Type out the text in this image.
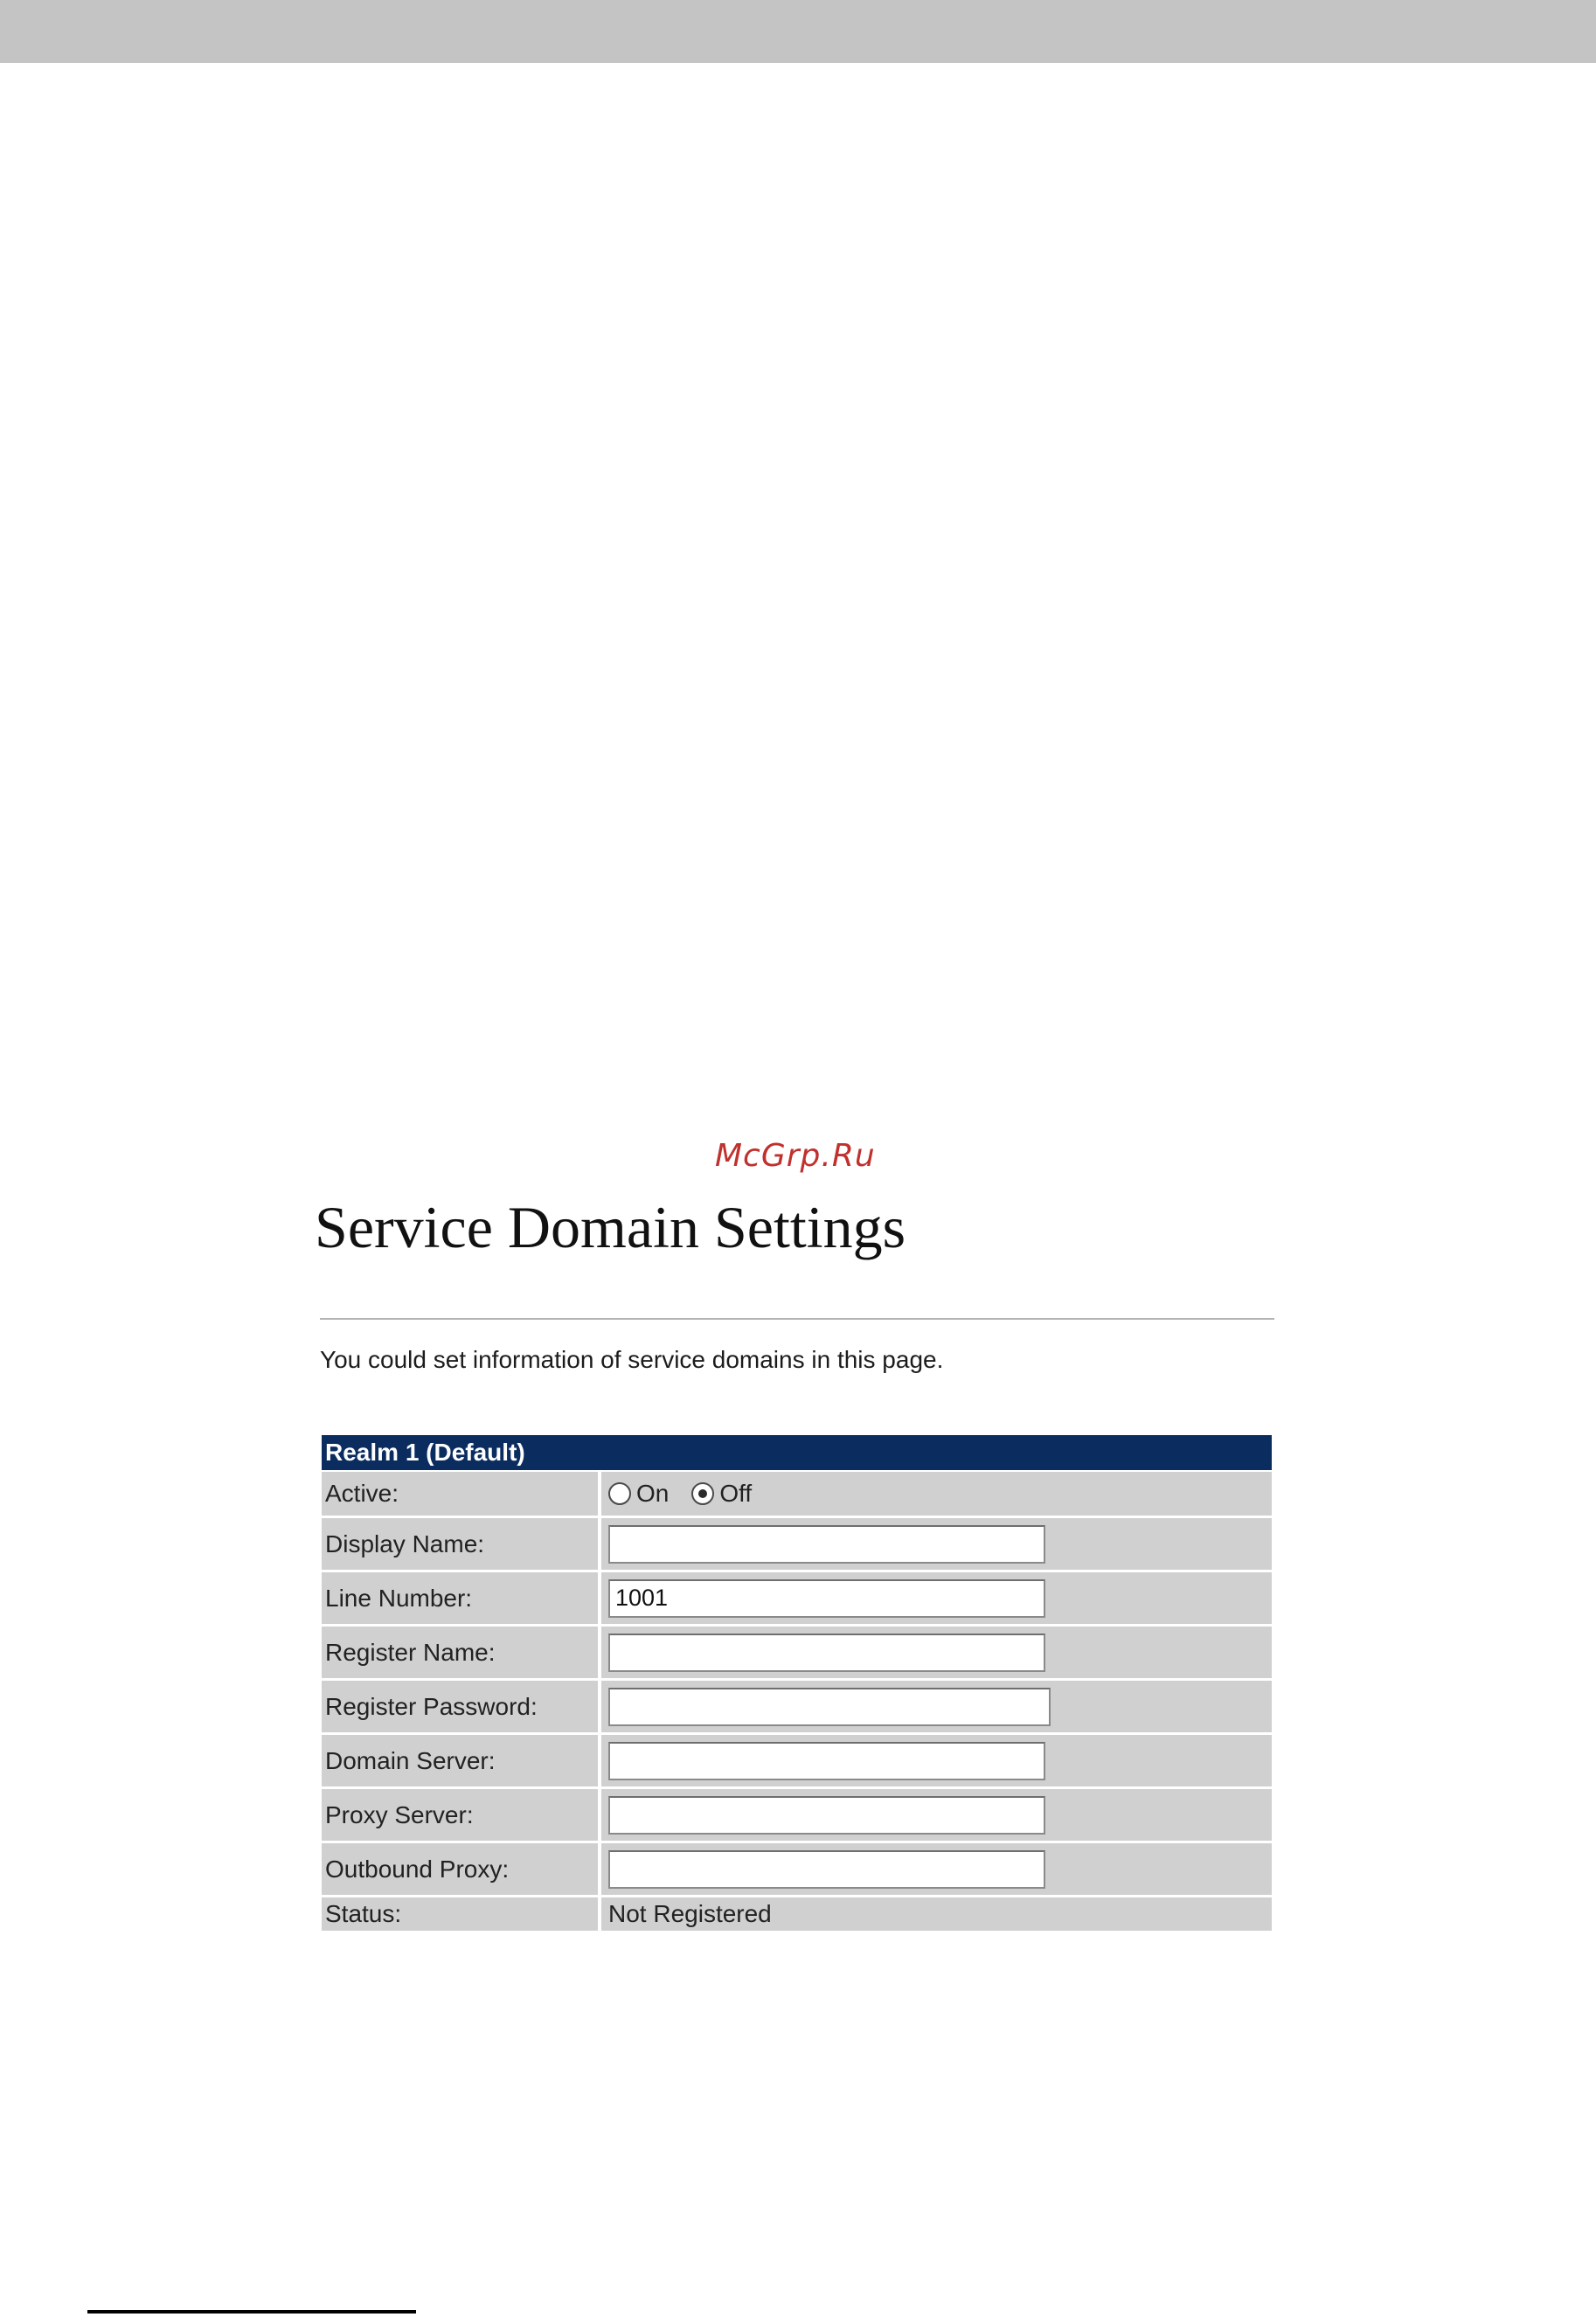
McGrp.Ru
Service Domain Settings
You could set information of service domains in this page.
Realm 1 (Default)
Active:	On Off
Display Name:
Line Number:
1001
Register Name:
Register Password:
Domain Server:
Proxy Server:
Outbound Proxy:
Status:	Not Registered
